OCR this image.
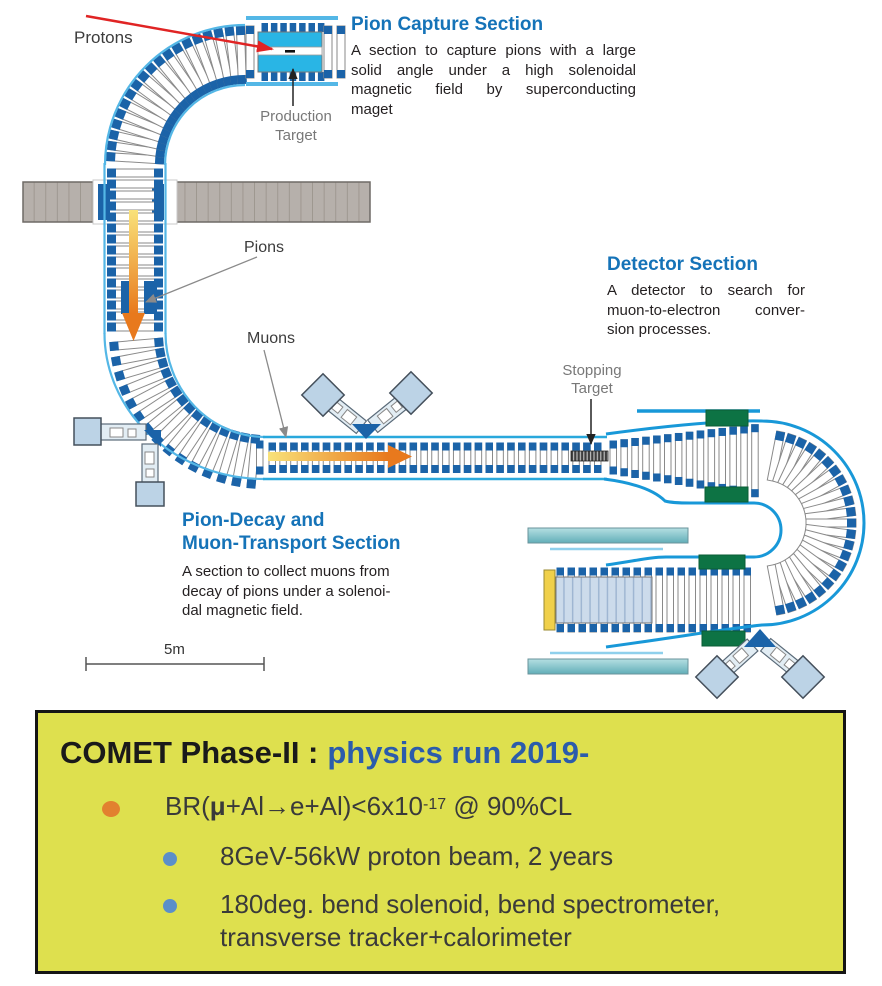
Protons
Pion Capture Section
A section to capture pions with a large
solid angle under a high solenoidal
magnetic field by superconducting
maget
Production
Target
Pions
Muons
Pion-Decay and
Muon-Transport Section
A section to collect muons from
decay of pions under a solenoi-
dal magnetic field.
Detector Section
A detector to search for
muon-to-electron conver-
sion processes.
Stopping
Target
5m
COMET Phase-II : physics run 2019-
$BR(\mu+Al\to e+Al)<6x10^{-17}$ @ 90%CL
8GeV-56kW proton beam, 2 years
180deg. bend solenoid, bend spectrometer,
transverse tracker+calorimeter
